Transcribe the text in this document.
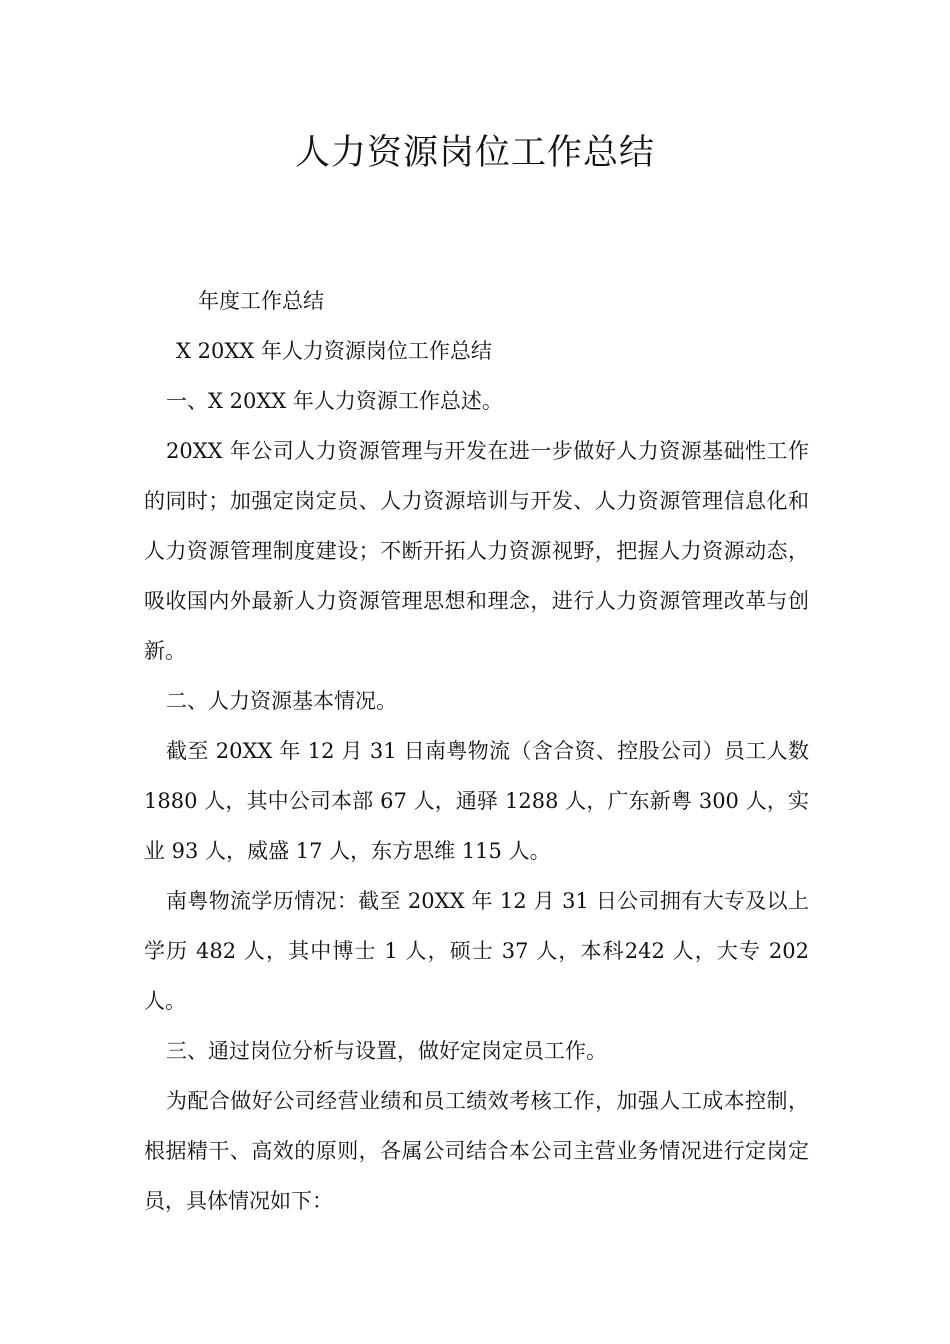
人力资源岗位工作总结

年度工作总结

X 20XX 年人力资源岗位工作总结

一、X 20XX 年人力资源工作总述。

20XX 年公司人力资源管理与开发在进一步做好人力资源基础性工作的同时；加强定岗定员、人力资源培训与开发、人力资源管理信息化和人力资源管理制度建设；不断开拓人力资源视野，把握人力资源动态，吸收国内外最新人力资源管理思想和理念，进行人力资源管理改革与创新。

二、人力资源基本情况。

截至 20XX 年 12 月 31 日南粤物流（含合资、控股公司）员工人数 1880 人，其中公司本部 67 人，通驿 1288 人，广东新粤 300 人，实业 93 人，威盛 17 人，东方思维 115 人。

南粤物流学历情况：截至 20XX 年 12 月 31 日公司拥有大专及以上学历 482 人，其中博士 1 人，硕士 37 人，本科242 人，大专 202 人。

三、通过岗位分析与设置，做好定岗定员工作。

为配合做好公司经营业绩和员工绩效考核工作，加强人工成本控制，根据精干、高效的原则，各属公司结合本公司主营业务情况进行定岗定员，具体情况如下：
